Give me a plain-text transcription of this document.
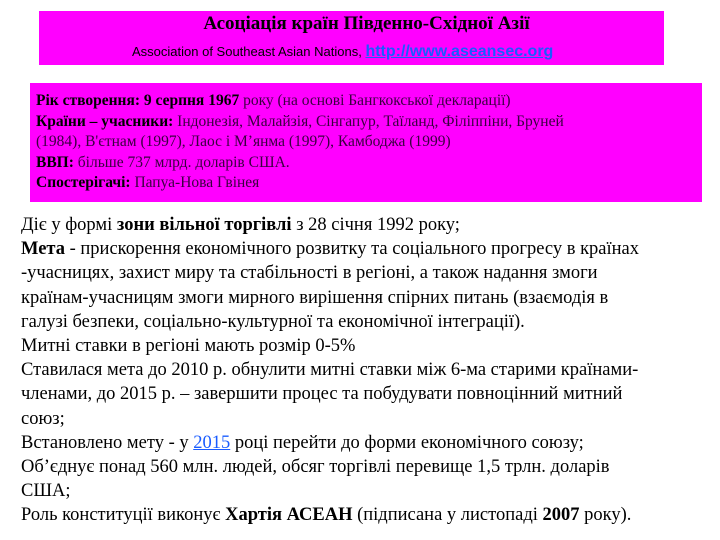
Асоціація країн Південно-Східної Азії
Association of Southeast Asian Nations, http://www.aseansec.org
Рік створення: 9 серпня 1967 року (на основі Бангкокської декларації)
Країни – учасники: Індонезія, Малайзія, Сінгапур, Таїланд, Філіппіни, Бруней
(1984), В'єтнам (1997), Лаос і М’янма (1997), Камбоджа (1999)
ВВП: більше 737 млрд. доларів США.
Спостерігачі: Папуа-Нова Гвінея
Діє у формі зони вільної торгівлі з 28 січня 1992 року;
Мета - прискорення економічного розвитку та соціального прогресу в країнах
-учасницях, захист миру та стабільності в регіоні, а також надання змоги
країнам-учасницям змоги мирного вирішення спірних питань (взаємодія в
галузі безпеки, соціально-культурної та економічної інтеграції).
Митні ставки в регіоні мають розмір 0-5%
Ставилася мета до 2010 р. обнулити митні ставки між 6-ма старими країнами-
членами, до 2015 р. – завершити процес та побудувати повноцінний митний
союз;
Встановлено мету - у 2015 році перейти до форми економічного союзу;
Об’єднує понад 560 млн. людей, обсяг торгівлі перевище 1,5 трлн. доларів
США;
Роль конституції виконує Хартія АСЕАН (підписана у листопаді 2007 року).
